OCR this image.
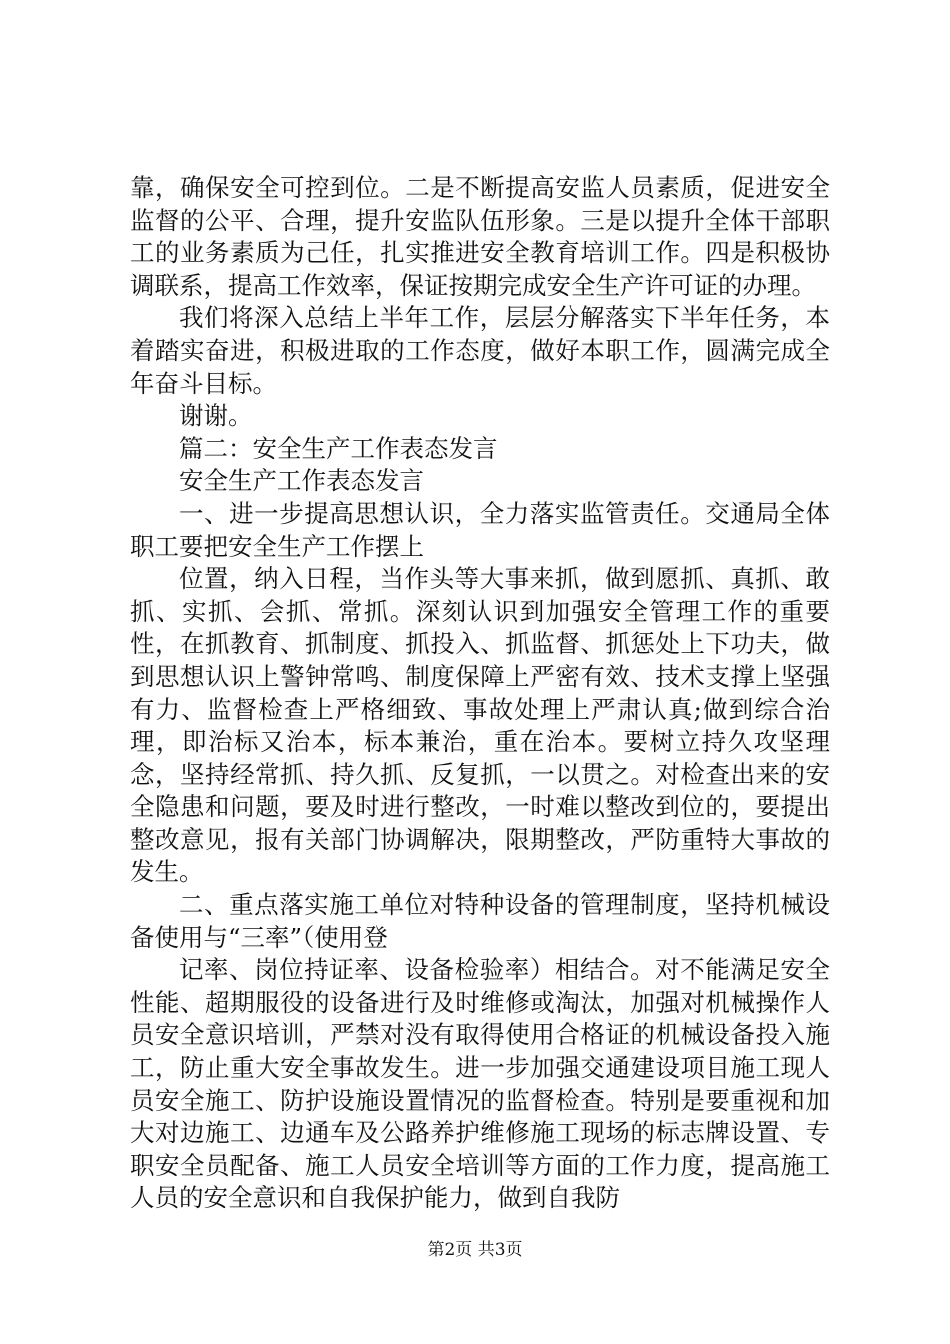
靠，确保安全可控到位。二是不断提高安监人员素质，促进安全监督的公平、合理，提升安监队伍形象。三是以提升全体干部职工的业务素质为己任，扎实推进安全教育培训工作。四是积极协调联系，提高工作效率，保证按期完成安全生产许可证的办理。

我们将深入总结上半年工作，层层分解落实下半年任务，本着踏实奋进，积极进取的工作态度，做好本职工作，圆满完成全年奋斗目标。

谢谢。

篇二：安全生产工作表态发言

安全生产工作表态发言

一、进一步提高思想认识，全力落实监管责任。交通局全体职工要把安全生产工作摆上

位置，纳入日程，当作头等大事来抓，做到愿抓、真抓、敢抓、实抓、会抓、常抓。深刻认识到加强安全管理工作的重要性，在抓教育、抓制度、抓投入、抓监督、抓惩处上下功夫，做到思想认识上警钟常鸣、制度保障上严密有效、技术支撑上坚强有力、监督检查上严格细致、事故处理上严肃认真;做到综合治理，即治标又治本，标本兼治，重在治本。要树立持久攻坚理念，坚持经常抓、持久抓、反复抓，一以贯之。对检查出来的安全隐患和问题，要及时进行整改，一时难以整改到位的，要提出整改意见，报有关部门协调解决，限期整改，严防重特大事故的发生。

二、重点落实施工单位对特种设备的管理制度，坚持机械设备使用与“三率”（使用登

记率、岗位持证率、设备检验率）相结合。对不能满足安全性能、超期服役的设备进行及时维修或淘汰，加强对机械操作人员安全意识培训，严禁对没有取得使用合格证的机械设备投入施工，防止重大安全事故发生。进一步加强交通建设项目施工现人员安全施工、防护设施设置情况的监督检查。特别是要重视和加大对边施工、边通车及公路养护维修施工现场的标志牌设置、专职安全员配备、施工人员安全培训等方面的工作力度，提高施工人员的安全意识和自我保护能力，做到自我防

第2页 共3页
